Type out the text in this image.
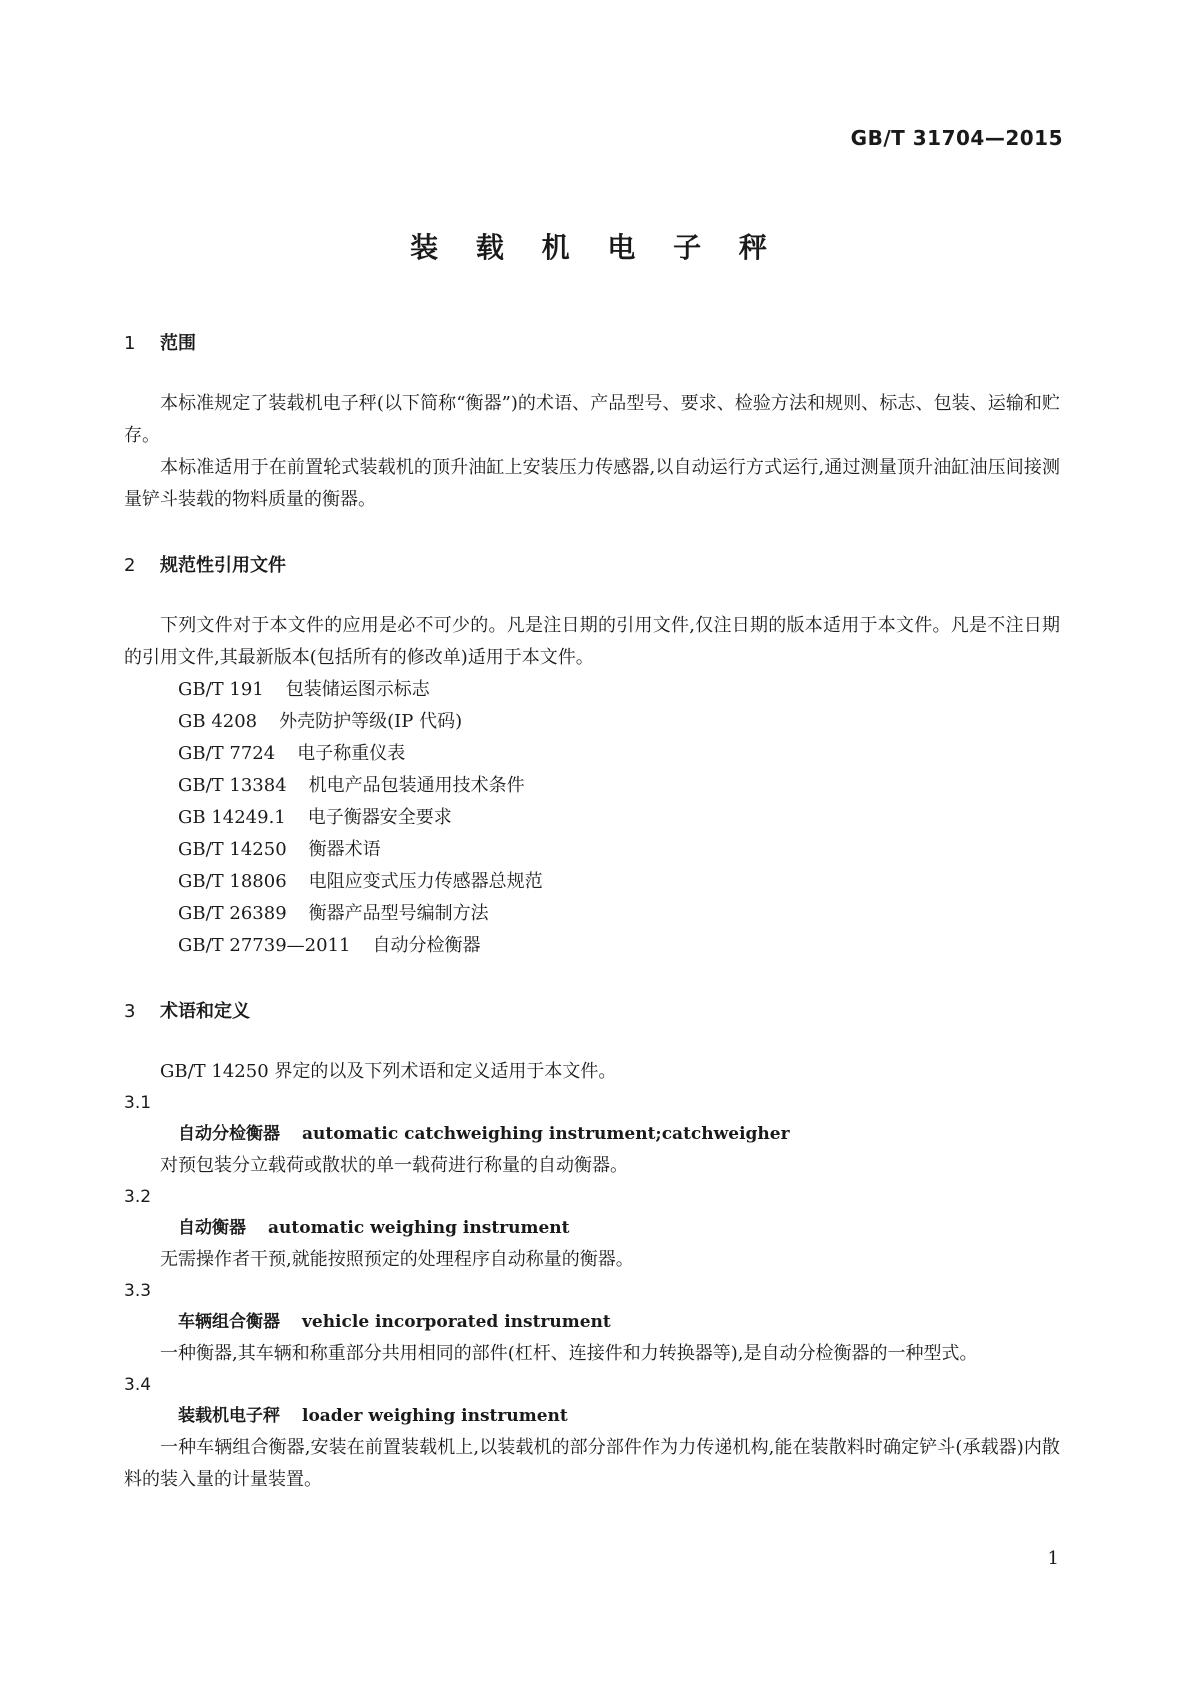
GB/T 31704—2015
装 载 机 电 子 秤

1 范围

本标准规定了装载机电子秤(以下简称“衡器”)的术语、产品型号、要求、检验方法和规则、标志、包装、运输和贮存。

本标准适用于在前置轮式装载机的顶升油缸上安装压力传感器,以自动运行方式运行,通过测量顶升油缸油压间接测量铲斗装载的物料质量的衡器。

2 规范性引用文件

下列文件对于本文件的应用是必不可少的。凡是注日期的引用文件,仅注日期的版本适用于本文件。凡是不注日期的引用文件,其最新版本(包括所有的修改单)适用于本文件。

GB/T 191 包装储运图示标志

GB 4208 外壳防护等级(IP 代码)

GB/T 7724 电子称重仪表

GB/T 13384 机电产品包装通用技术条件

GB 14249.1 电子衡器安全要求

GB/T 14250 衡器术语

GB/T 18806 电阻应变式压力传感器总规范

GB/T 26389 衡器产品型号编制方法

GB/T 27739—2011 自动分检衡器

3 术语和定义

GB/T 14250 界定的以及下列术语和定义适用于本文件。

3.1

自动分检衡器 automatic catchweighing instrument;catchweigher

对预包装分立载荷或散状的单一载荷进行称量的自动衡器。

3.2

自动衡器 automatic weighing instrument

无需操作者干预,就能按照预定的处理程序自动称量的衡器。

3.3

车辆组合衡器 vehicle incorporated instrument

一种衡器,其车辆和称重部分共用相同的部件(杠杆、连接件和力转换器等),是自动分检衡器的一种型式。

3.4

装载机电子秤 loader weighing instrument

一种车辆组合衡器,安装在前置装载机上,以装载机的部分部件作为力传递机构,能在装散料时确定铲斗(承载器)内散料的装入量的计量装置。

1
